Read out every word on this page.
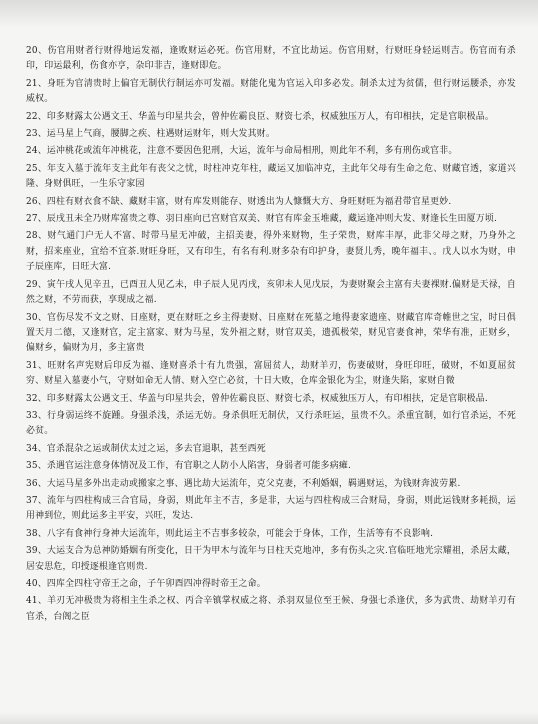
20、伤官用财者行财得地运发福，逢败财运必死。伤官用财，不宜比劫运。伤官用财，行财旺身轻运则吉。伤官而有杀印，印运最利，伤食亦亨，杂印非吉，逢财即危。

21、身旺为官清贵时上偏官无制伏行制运亦可发福。财能化鬼为官运入印多必发。制杀太过为贫儒，但行财运腰杀，亦发威权。

22、印多财露太公遇文王、华盖与印星共会，曾仲佐霸良臣、财资七杀，权威独压万人，有印相扶，定是官职极品。

23、运马星上气商，腰脚之疾、柱遇财运财年，则大发其财。

24、运冲桃花或流年冲桃花，注意不要因色犯刑，大运，流年与命局相刑，则此年不利，多有刑伤或官非。

25、年支入墓于流年支主此年有丧父之忧，时柱冲克年柱，藏运又加临冲克，主此年父母有生命之危、财藏官透，家道兴隆、身财俱旺，一生乐守家园

26、四柱有财衣食不缺、藏财丰富，财有库发则能存、财透出为人慷慨大方、身旺财旺为福君带官星更妙.

27、辰戌丑未全乃财库富贵之尊、羽日座向已宫财官双美、财官有库金玉堆藏，藏运逢冲则大发、财逢长生田厦万顷.

28、财气通门户无人不富、时带马星无冲破，主招美妻，得外来财物，生子荣贵，财库丰厚，此非父母之财，乃身外之财，招来座业，宜给不宜茶.财旺身旺，又有印生，有名有利.财多杂有印护身，妻贤儿秀，晚年福丰、。戊人以水为财，申子辰座库，日旺大富.

29、寅午戌人见辛丑，已酉丑人见乙未，申子辰人见丙戌，亥卯未人见戊辰，为妻财聚会主富有夫妻裸财.偏财是天禄，自然之财，不劳而获，享现成之福.

30、官伤尽发不文之财、日座财，更在财旺之乡主得妻财、日座财在死墓之地得妻家遗座、财藏官库奇帷世之宝，时日俱置天月二德，又逢财官，定主富家、财为马星，发外祖之财，财官双美，遗孤极荣，财见官妻食神，荣华有准，正财乡，偏财乡，偏财为月，多主富贵

31、旺财名声宪财后印反为福、逢财喜杀十有九贵强，富屈贫人，劫财羊刃，伤妻破财，身旺印旺，破财，不如夏屈贫穷、财星入墓妻小气，守财如命无人情、财入空亡必贫，十日大败，仓库金银化为尘，财逢失陷，家财自微

32、印多财露太公遇文王、华盖与印星共会，曾仲佐霸良臣、财资七杀，权威独压万人，有印相扶，定是官职极品.

33、行身弱运终不旋踵。身强杀浅，杀运无妨。身杀俱旺无制伏，又行杀旺运，虽贵不久。杀重宜制，如行官杀运，不死必贫。

34、官杀混杂之运或制伏太过之运，多去官退职，甚至西死

35、杀遇官运注意身体情况及工作，有官职之人防小人陷害，身弱者可能多病瘫.

36、大运马星多外出走动或搬家之事、遇比劫大运流年，克父克妻，不利婚姻，羁遇财运，为钱财奔波劳累.

37、流年与四柱构成三合官局，身弱，则此年主不吉，多是非，大运与四柱构成三合财局，身弱，则此运钱财多耗损，运用神到位，则此运多主平安，兴旺，发达.

38、八字有食神行身神大运流年，则此运主不吉事多较杂，可能会于身体，工作，生活等有不良影响.

39、大运支合为总神防婚姻有所变化，日干为甲木与流年与日柱天克地冲，多有伤头之灾.官临旺地光宗耀祖，杀居太藏，居安思危，印授逐根逢官则贵.

40、四库全四柱守帝王之命，子午卯酉四冲得时帝王之命。

41、羊刃无冲极贵为将相主生杀之权、丙合辛镇掌权威之将、杀羽双显位至王候、身强七杀逢伏，多为武贵、劫财羊刃有官杀，台阁之臣
